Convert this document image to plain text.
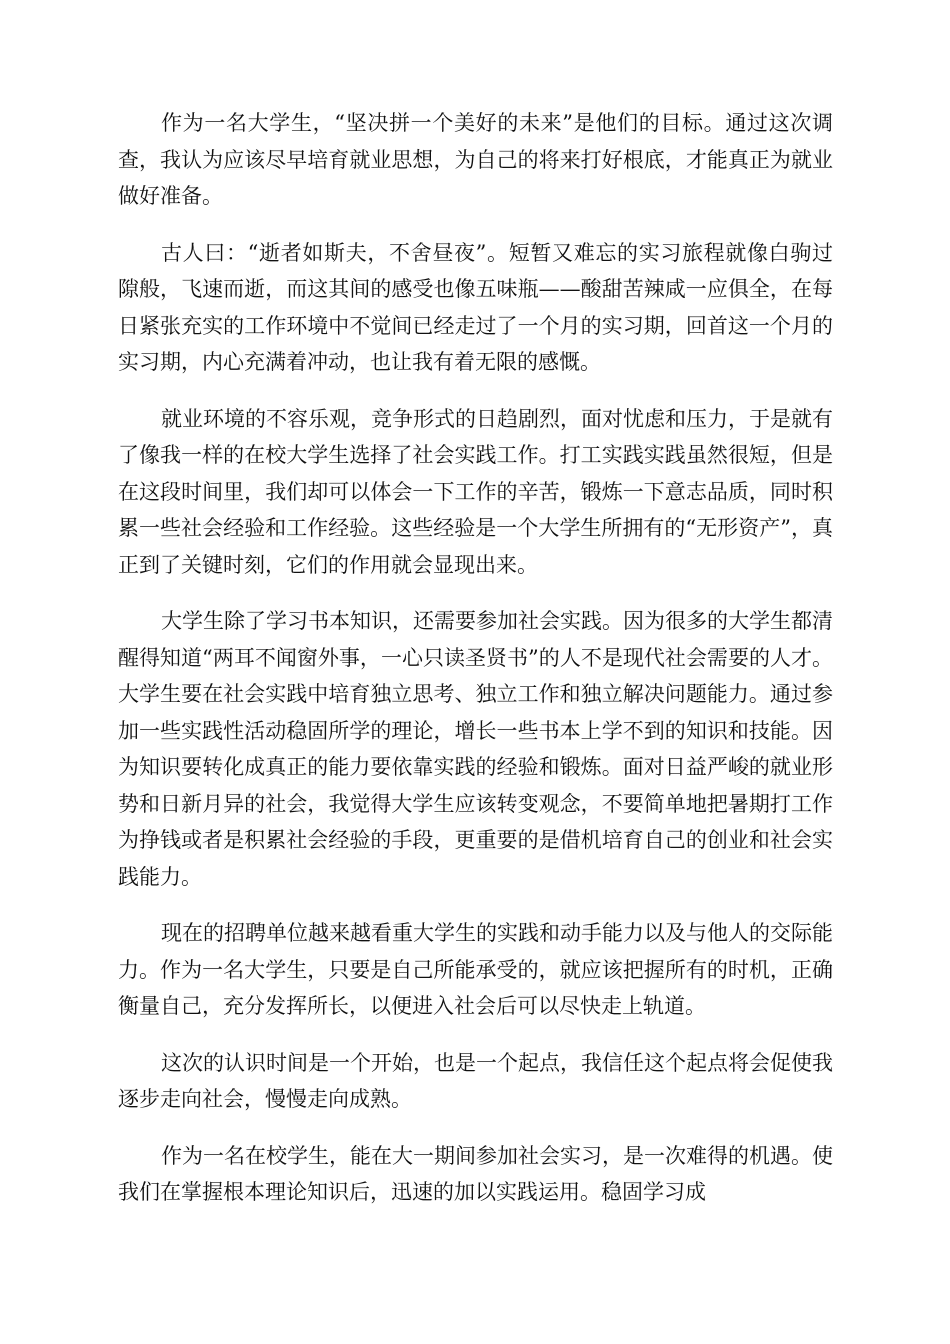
作为一名大学生，“坚决拼一个美好的未来”是他们的目标。通过这次调查，我认为应该尽早培育就业思想，为自己的将来打好根底，才能真正为就业做好准备。

古人曰：“逝者如斯夫，不舍昼夜”。短暂又难忘的实习旅程就像白驹过隙般，飞速而逝，而这其间的感受也像五味瓶——酸甜苦辣咸一应俱全，在每日紧张充实的工作环境中不觉间已经走过了一个月的实习期，回首这一个月的实习期，内心充满着冲动，也让我有着无限的感慨。

就业环境的不容乐观，竞争形式的日趋剧烈，面对忧虑和压力，于是就有了像我一样的在校大学生选择了社会实践工作。打工实践实践虽然很短，但是在这段时间里，我们却可以体会一下工作的辛苦，锻炼一下意志品质，同时积累一些社会经验和工作经验。这些经验是一个大学生所拥有的“无形资产”，真正到了关键时刻，它们的作用就会显现出来。

大学生除了学习书本知识，还需要参加社会实践。因为很多的大学生都清醒得知道“两耳不闻窗外事，一心只读圣贤书”的人不是现代社会需要的人才。大学生要在社会实践中培育独立思考、独立工作和独立解决问题能力。通过参加一些实践性活动稳固所学的理论，增长一些书本上学不到的知识和技能。因为知识要转化成真正的能力要依靠实践的经验和锻炼。面对日益严峻的就业形势和日新月异的社会，我觉得大学生应该转变观念，不要简单地把暑期打工作为挣钱或者是积累社会经验的手段，更重要的是借机培育自己的创业和社会实践能力。

现在的招聘单位越来越看重大学生的实践和动手能力以及与他人的交际能力。作为一名大学生，只要是自己所能承受的，就应该把握所有的时机，正确衡量自己，充分发挥所长，以便进入社会后可以尽快走上轨道。

这次的认识时间是一个开始，也是一个起点，我信任这个起点将会促使我逐步走向社会，慢慢走向成熟。

作为一名在校学生，能在大一期间参加社会实习，是一次难得的机遇。使我们在掌握根本理论知识后，迅速的加以实践运用。稳固学习成
